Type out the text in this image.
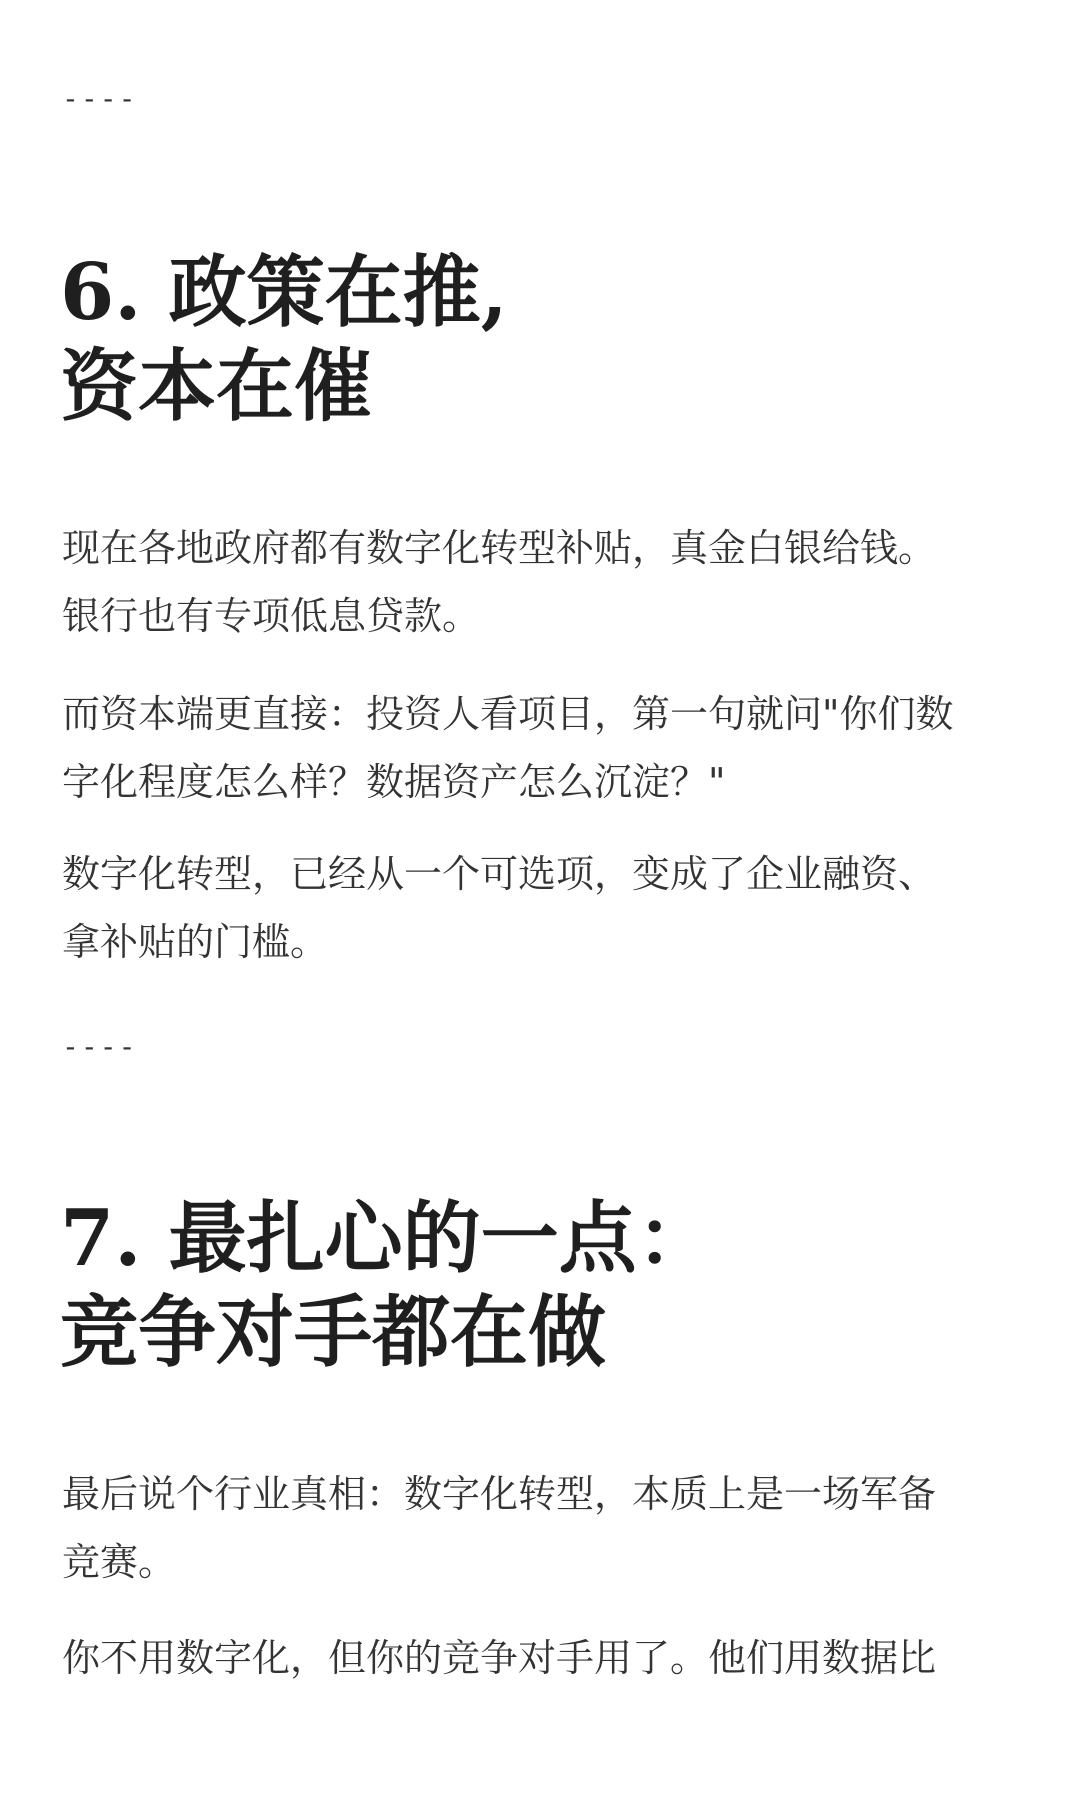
----

6. 政策在推,
资本在催

现在各地政府都有数字化转型补贴，真金白银给钱。
银行也有专项低息贷款。

而资本端更直接：投资人看项目，第一句就问"你们数
字化程度怎么样？数据资产怎么沉淀？"

数字化转型，已经从一个可选项，变成了企业融资、
拿补贴的门槛。

----

7. 最扎心的一点：
竞争对手都在做

最后说个行业真相：数字化转型，本质上是一场军备
竞赛。

你不用数字化，但你的竞争对手用了。他们用数据比
